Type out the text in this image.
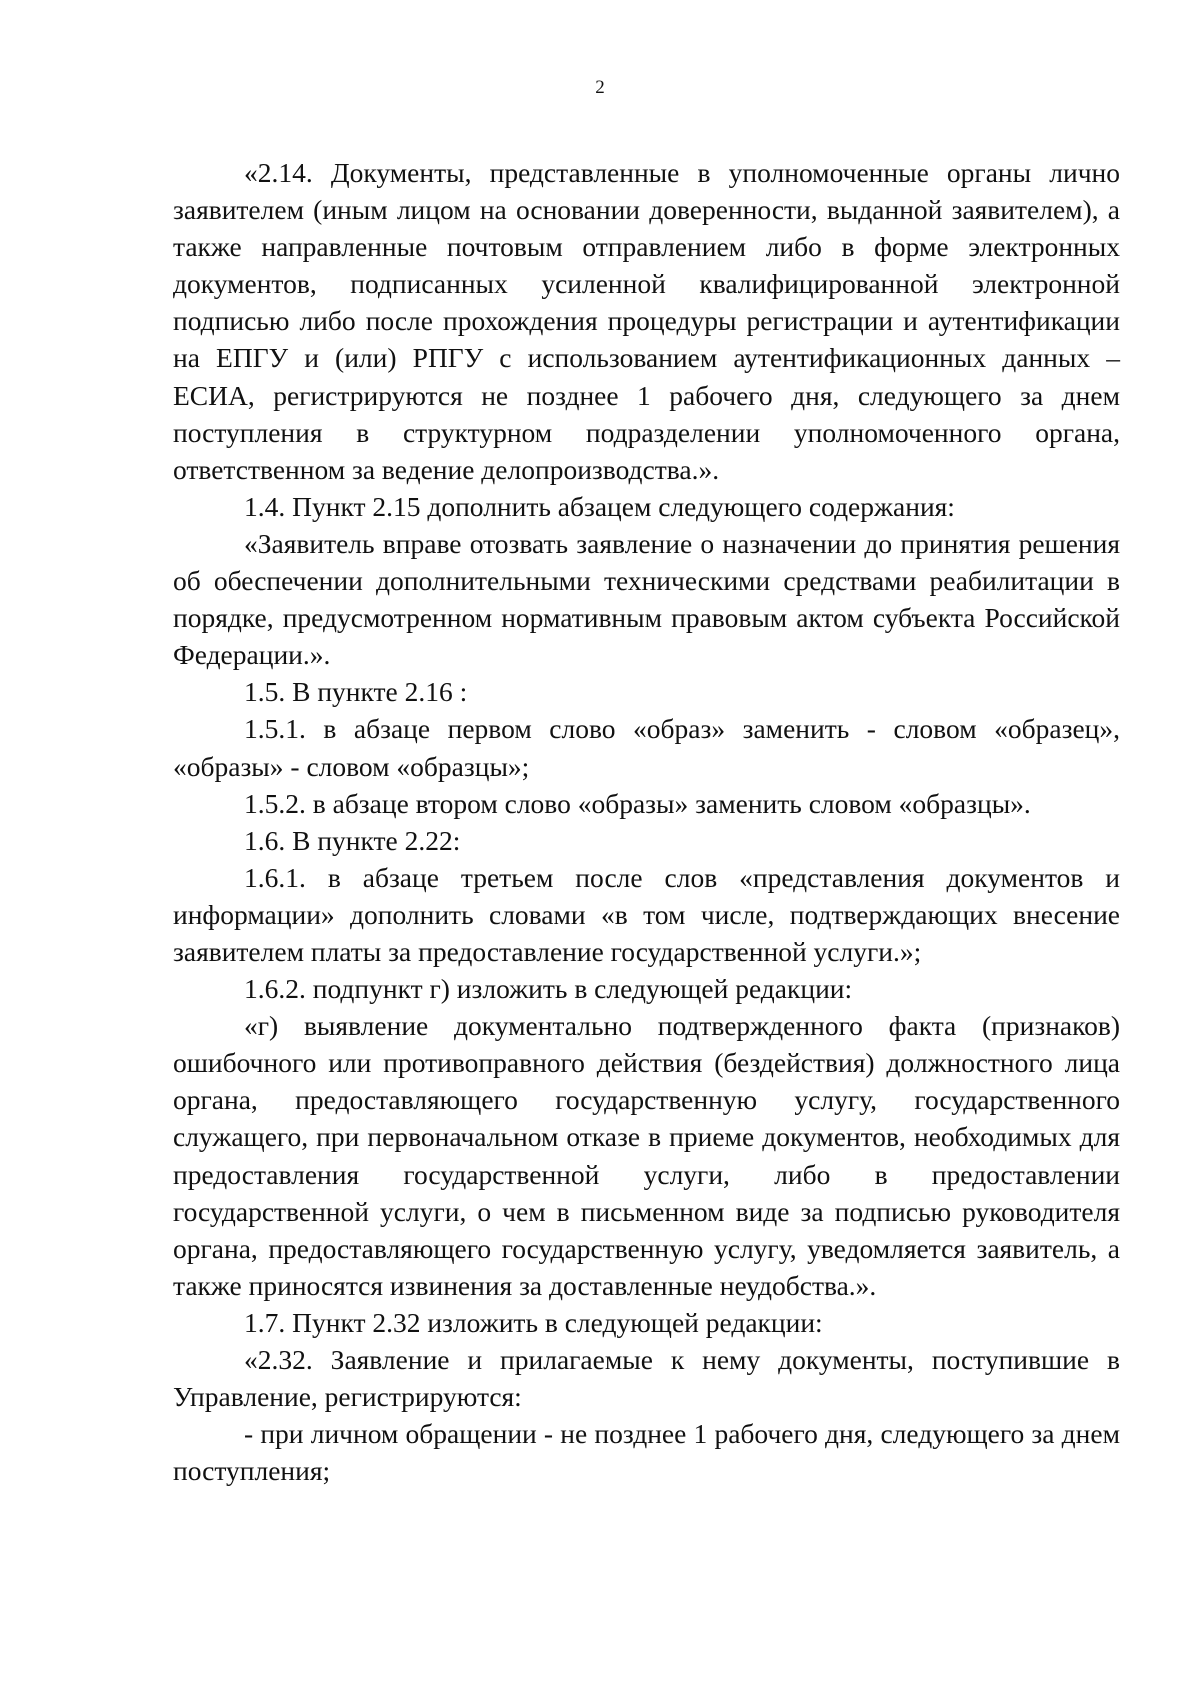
2

«2.14. Документы, представленные в уполномоченные органы лично заявителем (иным лицом на основании доверенности, выданной заявителем), а также направленные почтовым отправлением либо в форме электронных документов, подписанных усиленной квалифицированной электронной подписью либо после прохождения процедуры регистрации и аутентификации на ЕПГУ и (или) РПГУ с использованием аутентификационных данных – ЕСИА, регистрируются не позднее 1 рабочего дня, следующего за днем поступления в структурном подразделении уполномоченного органа, ответственном за ведение делопроизводства.».

1.4. Пункт 2.15 дополнить абзацем следующего содержания:

«Заявитель вправе отозвать заявление о назначении до принятия решения об обеспечении дополнительными техническими средствами реабилитации в порядке, предусмотренном нормативным правовым актом субъекта Российской Федерации.».

1.5. В пункте 2.16 :

1.5.1. в абзаце первом слово «образ» заменить - словом «образец», «образы» - словом «образцы»;

1.5.2. в абзаце втором слово «образы» заменить словом «образцы».

1.6. В пункте 2.22:

1.6.1. в абзаце третьем после слов «представления документов и информации» дополнить словами «в том числе, подтверждающих внесение заявителем платы за предоставление государственной услуги.»;

1.6.2. подпункт г) изложить в следующей редакции:

«г) выявление документально подтвержденного факта (признаков) ошибочного или противоправного действия (бездействия) должностного лица органа, предоставляющего государственную услугу, государственного служащего, при первоначальном отказе в приеме документов, необходимых для предоставления государственной услуги, либо в предоставлении государственной услуги, о чем в письменном виде за подписью руководителя органа, предоставляющего государственную услугу, уведомляется заявитель, а также приносятся извинения за доставленные неудобства.».

1.7. Пункт 2.32 изложить в следующей редакции:

«2.32. Заявление и прилагаемые к нему документы, поступившие в Управление, регистрируются:

- при личном обращении - не позднее 1 рабочего дня, следующего за днем поступления;
